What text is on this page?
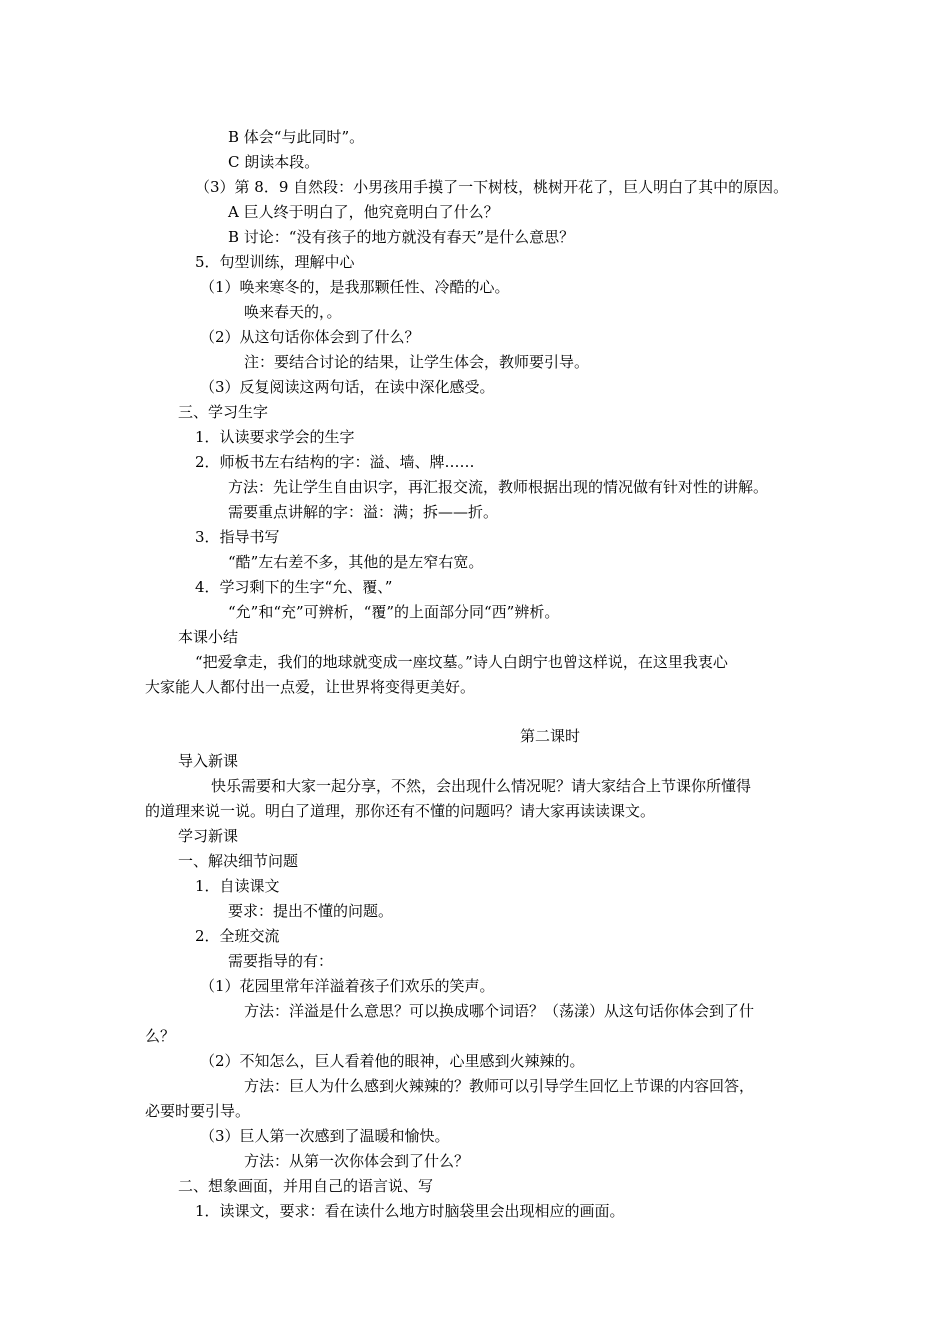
B 体会“与此同时”。
C 朗读本段。
（3）第 8．9 自然段：小男孩用手摸了一下树枝，桃树开花了，巨人明白了其中的原因。
A 巨人终于明白了，他究竟明白了什么？
B 讨论：“没有孩子的地方就没有春天”是什么意思？
5．句型训练，理解中心
（1）唤来寒冬的，是我那颗任性、冷酷的心。
唤来春天的，。
（2）从这句话你体会到了什么？
注：要结合讨论的结果，让学生体会，教师要引导。
（3）反复阅读这两句话，在读中深化感受。
三、学习生字
1．认读要求学会的生字
2．师板书左右结构的字：溢、墙、牌……
方法：先让学生自由识字，再汇报交流，教师根据出现的情况做有针对性的讲解。
需要重点讲解的字：溢：满；拆——折。
3．指导书写
“酷”左右差不多，其他的是左窄右宽。
4．学习剩下的生字“允、覆、”
“允”和“充”可辨析，“覆”的上面部分同“西”辨析。
本课小结
“把爱拿走，我们的地球就变成一座坟墓。”诗人白朗宁也曾这样说，在这里我衷心
大家能人人都付出一点爱，让世界将变得更美好。
第二课时
导入新课
快乐需要和大家一起分享，不然，会出现什么情况呢？请大家结合上节课你所懂得
的道理来说一说。明白了道理，那你还有不懂的问题吗？请大家再读读课文。
学习新课
一、解决细节问题
1．自读课文
要求：提出不懂的问题。
2．全班交流
需要指导的有：
（1）花园里常年洋溢着孩子们欢乐的笑声。
方法：洋溢是什么意思？可以换成哪个词语？（荡漾）从这句话你体会到了什
么？
（2）不知怎么，巨人看着他的眼神，心里感到火辣辣的。
方法：巨人为什么感到火辣辣的？教师可以引导学生回忆上节课的内容回答，
必要时要引导。
（3）巨人第一次感到了温暖和愉快。
方法：从第一次你体会到了什么？
二、想象画面，并用自己的语言说、写
1．读课文，要求：看在读什么地方时脑袋里会出现相应的画面。
